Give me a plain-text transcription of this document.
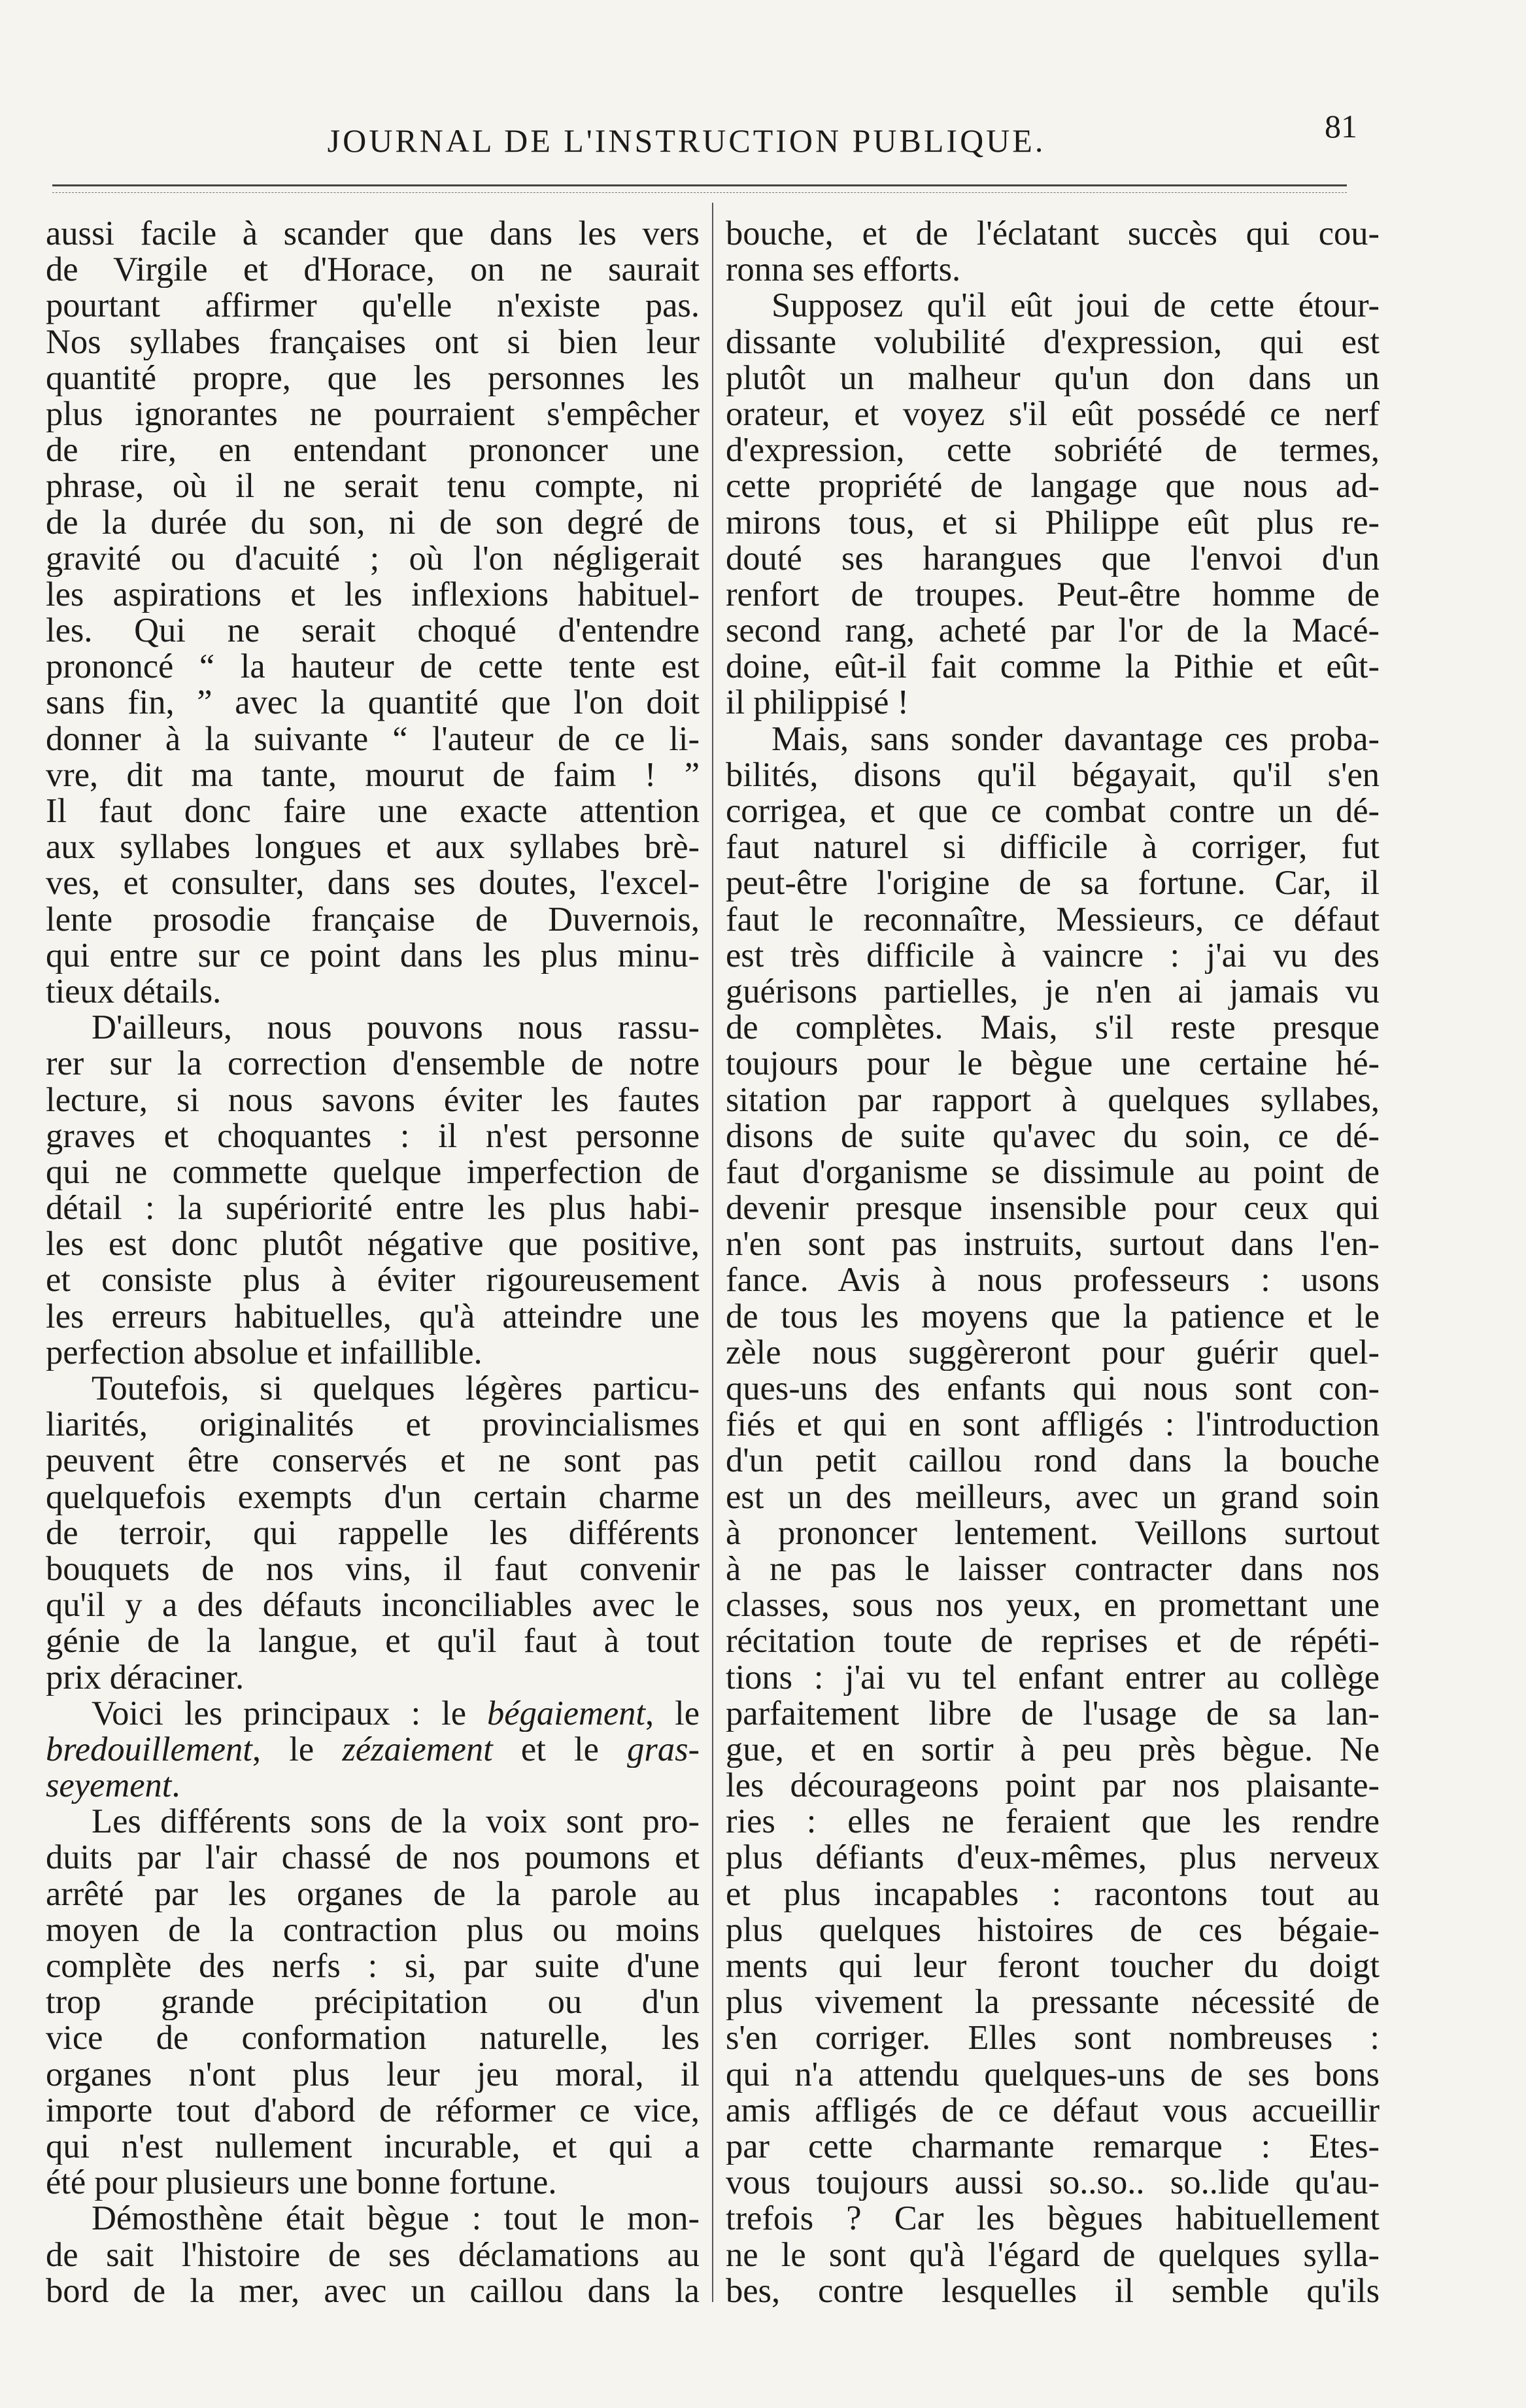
JOURNAL DE L'INSTRUCTION PUBLIQUE.	81
aussi facile à scander que dans les vers
de Virgile et d'Horace, on ne saurait
pourtant affirmer qu'elle n'existe pas.
Nos syllabes françaises ont si bien leur
quantité propre, que les personnes les
plus ignorantes ne pourraient s'empêcher
de rire, en entendant prononcer une
phrase, où il ne serait tenu compte, ni
de la durée du son, ni de son degré de
gravité ou d'acuité ; où l'on négligerait
les aspirations et les inflexions habituel-
les. Qui ne serait choqué d'entendre
prononcé “ la hauteur de cette tente est
sans fin, ” avec la quantité que l'on doit
donner à la suivante “ l'auteur de ce li-
vre, dit ma tante, mourut de faim ! ”
Il faut donc faire une exacte attention
aux syllabes longues et aux syllabes brè-
ves, et consulter, dans ses doutes, l'excel-
lente prosodie française de Duvernois,
qui entre sur ce point dans les plus minu-
tieux détails.
D'ailleurs, nous pouvons nous rassu-
rer sur la correction d'ensemble de notre
lecture, si nous savons éviter les fautes
graves et choquantes : il n'est personne
qui ne commette quelque imperfection de
détail : la supériorité entre les plus habi-
les est donc plutôt négative que positive,
et consiste plus à éviter rigoureusement
les erreurs habituelles, qu'à atteindre une
perfection absolue et infaillible.
Toutefois, si quelques légères particu-
liarités, originalités et provincialismes
peuvent être conservés et ne sont pas
quelquefois exempts d'un certain charme
de terroir, qui rappelle les différents
bouquets de nos vins, il faut convenir
qu'il y a des défauts inconciliables avec le
génie de la langue, et qu'il faut à tout
prix déraciner.
Voici les principaux : le bégaiement, le
bredouillement, le zézaiement et le gras-
seyement.
Les différents sons de la voix sont pro-
duits par l'air chassé de nos poumons et
arrêté par les organes de la parole au
moyen de la contraction plus ou moins
complète des nerfs : si, par suite d'une
trop grande précipitation ou d'un
vice de conformation naturelle, les
organes n'ont plus leur jeu moral, il
importe tout d'abord de réformer ce vice,
qui n'est nullement incurable, et qui a
été pour plusieurs une bonne fortune.
Démosthène était bègue : tout le mon-
de sait l'histoire de ses déclamations au
bord de la mer, avec un caillou dans la
bouche, et de l'éclatant succès qui cou-
ronna ses efforts.
Supposez qu'il eût joui de cette étour-
dissante volubilité d'expression, qui est
plutôt un malheur qu'un don dans un
orateur, et voyez s'il eût possédé ce nerf
d'expression, cette sobriété de termes,
cette propriété de langage que nous ad-
mirons tous, et si Philippe eût plus re-
douté ses harangues que l'envoi d'un
renfort de troupes. Peut-être homme de
second rang, acheté par l'or de la Macé-
doine, eût-il fait comme la Pithie et eût-
il philippisé !
Mais, sans sonder davantage ces proba-
bilités, disons qu'il bégayait, qu'il s'en
corrigea, et que ce combat contre un dé-
faut naturel si difficile à corriger, fut
peut-être l'origine de sa fortune. Car, il
faut le reconnaître, Messieurs, ce défaut
est très difficile à vaincre : j'ai vu des
guérisons partielles, je n'en ai jamais vu
de complètes. Mais, s'il reste presque
toujours pour le bègue une certaine hé-
sitation par rapport à quelques syllabes,
disons de suite qu'avec du soin, ce dé-
faut d'organisme se dissimule au point de
devenir presque insensible pour ceux qui
n'en sont pas instruits, surtout dans l'en-
fance. Avis à nous professeurs : usons
de tous les moyens que la patience et le
zèle nous suggèreront pour guérir quel-
ques-uns des enfants qui nous sont con-
fiés et qui en sont affligés : l'introduction
d'un petit caillou rond dans la bouche
est un des meilleurs, avec un grand soin
à prononcer lentement. Veillons surtout
à ne pas le laisser contracter dans nos
classes, sous nos yeux, en promettant une
récitation toute de reprises et de répéti-
tions : j'ai vu tel enfant entrer au collège
parfaitement libre de l'usage de sa lan-
gue, et en sortir à peu près bègue. Ne
les décourageons point par nos plaisante-
ries : elles ne feraient que les rendre
plus défiants d'eux-mêmes, plus nerveux
et plus incapables : racontons tout au
plus quelques histoires de ces bégaie-
ments qui leur feront toucher du doigt
plus vivement la pressante nécessité de
s'en corriger. Elles sont nombreuses :
qui n'a attendu quelques-uns de ses bons
amis affligés de ce défaut vous accueillir
par cette charmante remarque : Etes-
vous toujours aussi so..so.. so..lide qu'au-
trefois ? Car les bègues habituellement
ne le sont qu'à l'égard de quelques sylla-
bes, contre lesquelles il semble qu'ils
